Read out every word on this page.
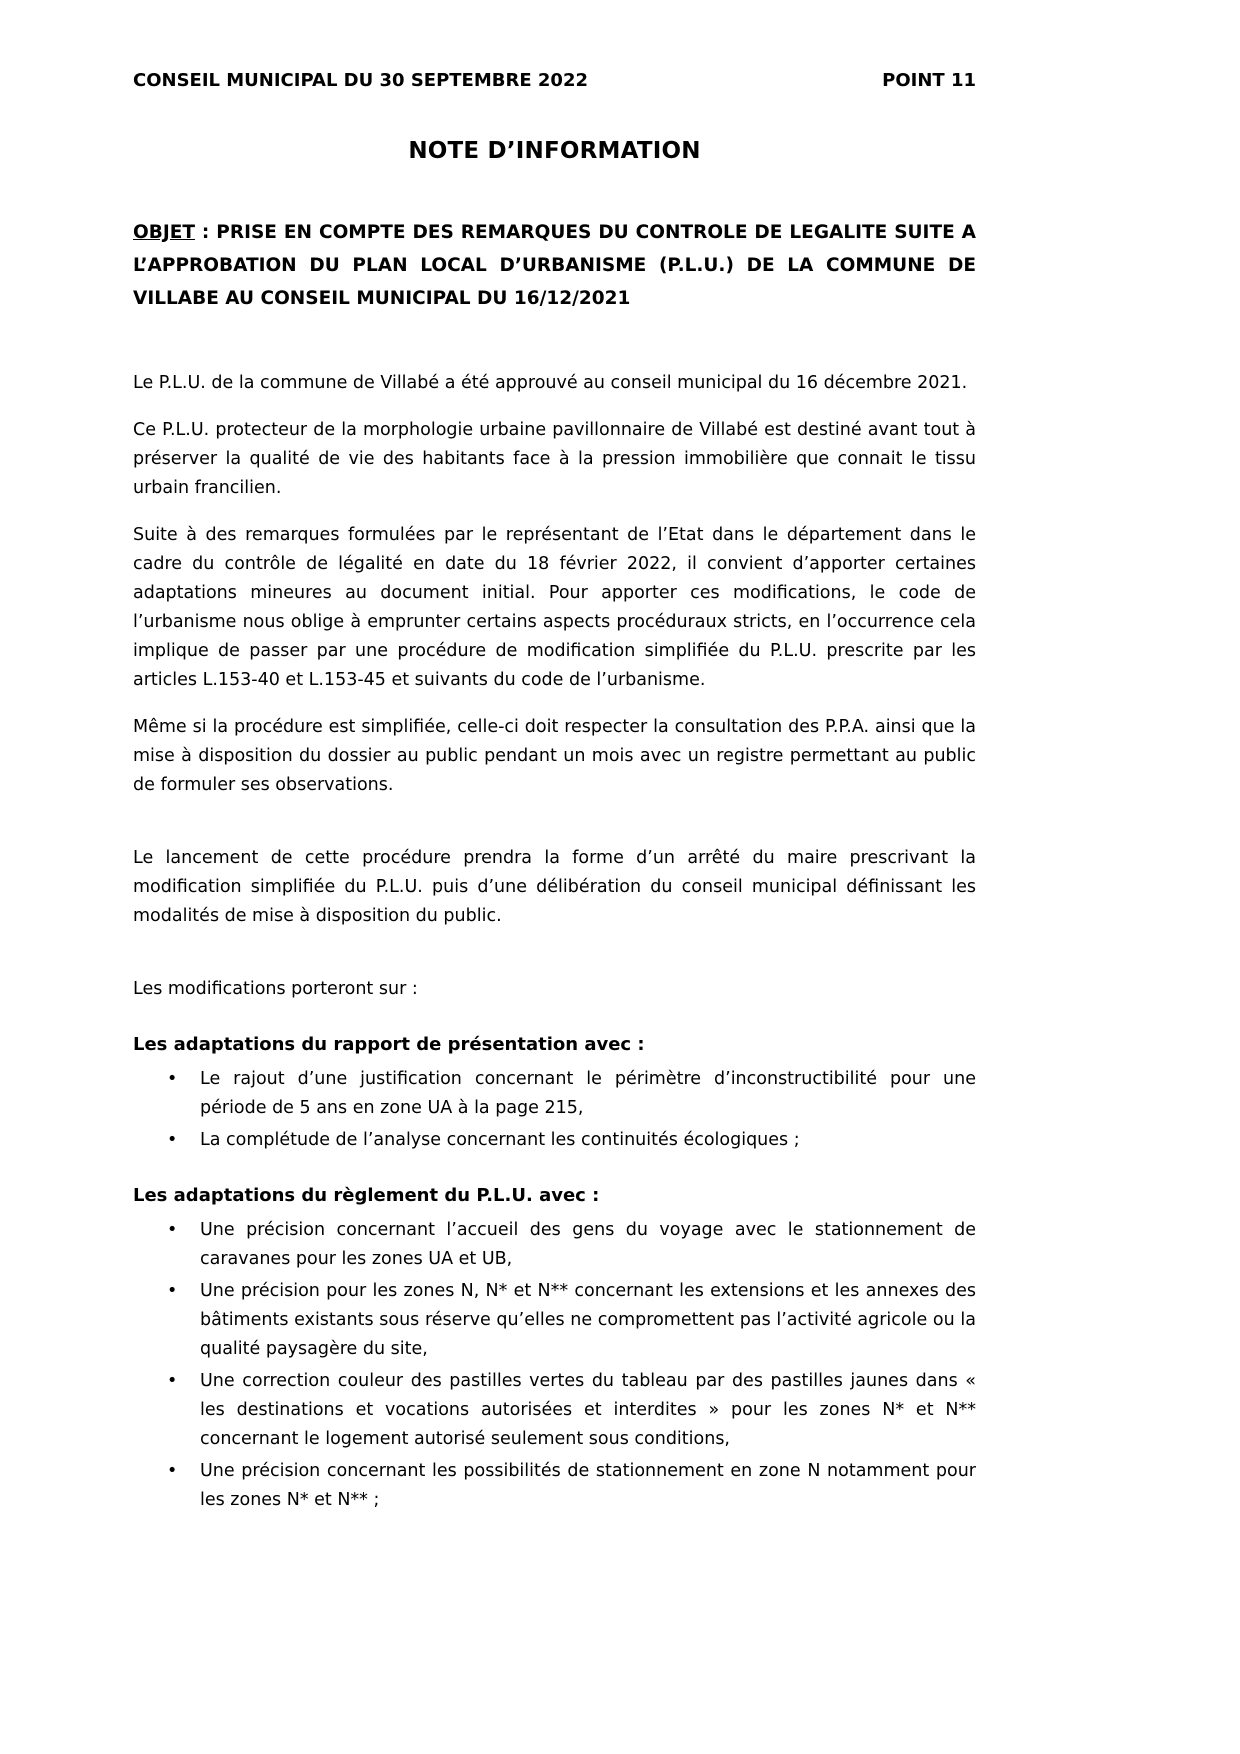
CONSEIL MUNICIPAL DU 30 SEPTEMBRE 2022	POINT 11
NOTE D’INFORMATION

OBJET : PRISE EN COMPTE DES REMARQUES DU CONTROLE DE LEGALITE SUITE A L’APPROBATION DU PLAN LOCAL D’URBANISME (P.L.U.) DE LA COMMUNE DE VILLABE AU CONSEIL MUNICIPAL DU 16/12/2021

Le P.L.U. de la commune de Villabé a été approuvé au conseil municipal du 16 décembre 2021.

Ce P.L.U. protecteur de la morphologie urbaine pavillonnaire de Villabé est destiné avant tout à préserver la qualité de vie des habitants face à la pression immobilière que connait le tissu urbain francilien.

Suite à des remarques formulées par le représentant de l’Etat dans le département dans le cadre du contrôle de légalité en date du 18 février 2022, il convient d’apporter certaines adaptations mineures au document initial. Pour apporter ces modifications, le code de l’urbanisme nous oblige à emprunter certains aspects procéduraux stricts, en l’occurrence cela implique de passer par une procédure de modification simplifiée du P.L.U. prescrite par les articles L.153-40 et L.153-45 et suivants du code de l’urbanisme.

Même si la procédure est simplifiée, celle-ci doit respecter la consultation des P.P.A. ainsi que la mise à disposition du dossier au public pendant un mois avec un registre permettant au public de formuler ses observations.

Le lancement de cette procédure prendra la forme d’un arrêté du maire prescrivant la modification simplifiée du P.L.U. puis d’une délibération du conseil municipal définissant les modalités de mise à disposition du public.

Les modifications porteront sur :

Les adaptations du rapport de présentation avec :
• Le rajout d’une justification concernant le périmètre d’inconstructibilité pour une période de 5 ans en zone UA à la page 215,
• La complétude de l’analyse concernant les continuités écologiques ;
Les adaptations du règlement du P.L.U. avec :
• Une précision concernant l’accueil des gens du voyage avec le stationnement de caravanes pour les zones UA et UB,
• Une précision pour les zones N, N* et N** concernant les extensions et les annexes des bâtiments existants sous réserve qu’elles ne compromettent pas l’activité agricole ou la qualité paysagère du site,
• Une correction couleur des pastilles vertes du tableau par des pastilles jaunes dans « les destinations et vocations autorisées et interdites » pour les zones N* et N** concernant le logement autorisé seulement sous conditions,
• Une précision concernant les possibilités de stationnement en zone N notamment pour les zones N* et N** ;
